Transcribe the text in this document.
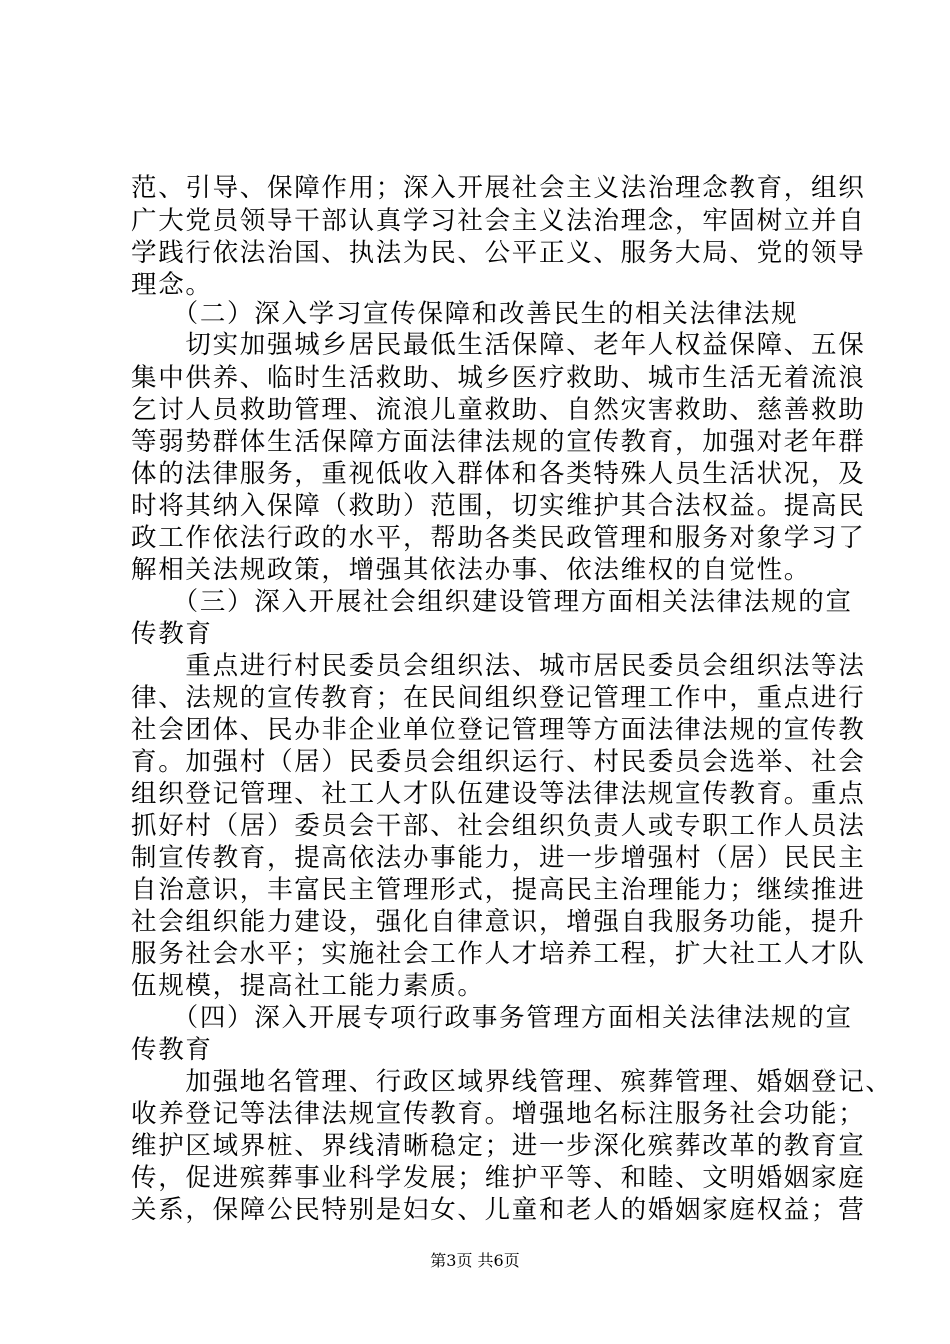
范、引导、保障作用；深入开展社会主义法治理念教育，组织
广大党员领导干部认真学习社会主义法治理念，牢固树立并自
学践行依法治国、执法为民、公平正义、服务大局、党的领导
理念。
　　（二）深入学习宣传保障和改善民生的相关法律法规
　　切实加强城乡居民最低生活保障、老年人权益保障、五保
集中供养、临时生活救助、城乡医疗救助、城市生活无着流浪
乞讨人员救助管理、流浪儿童救助、自然灾害救助、慈善救助
等弱势群体生活保障方面法律法规的宣传教育，加强对老年群
体的法律服务，重视低收入群体和各类特殊人员生活状况，及
时将其纳入保障（救助）范围，切实维护其合法权益。提高民
政工作依法行政的水平，帮助各类民政管理和服务对象学习了
解相关法规政策，增强其依法办事、依法维权的自觉性。
　　（三）深入开展社会组织建设管理方面相关法律法规的宣
传教育
　　重点进行村民委员会组织法、城市居民委员会组织法等法
律、法规的宣传教育；在民间组织登记管理工作中，重点进行
社会团体、民办非企业单位登记管理等方面法律法规的宣传教
育。加强村（居）民委员会组织运行、村民委员会选举、社会
组织登记管理、社工人才队伍建设等法律法规宣传教育。重点
抓好村（居）委员会干部、社会组织负责人或专职工作人员法
制宣传教育，提高依法办事能力，进一步增强村（居）民民主
自治意识，丰富民主管理形式，提高民主治理能力；继续推进
社会组织能力建设，强化自律意识，增强自我服务功能，提升
服务社会水平；实施社会工作人才培养工程，扩大社工人才队
伍规模，提高社工能力素质。
　　（四）深入开展专项行政事务管理方面相关法律法规的宣
传教育
　　加强地名管理、行政区域界线管理、殡葬管理、婚姻登记、
收养登记等法律法规宣传教育。增强地名标注服务社会功能；
维护区域界桩、界线清晰稳定；进一步深化殡葬改革的教育宣
传，促进殡葬事业科学发展；维护平等、和睦、文明婚姻家庭
关系，保障公民特别是妇女、儿童和老人的婚姻家庭权益；营
第3页 共6页
